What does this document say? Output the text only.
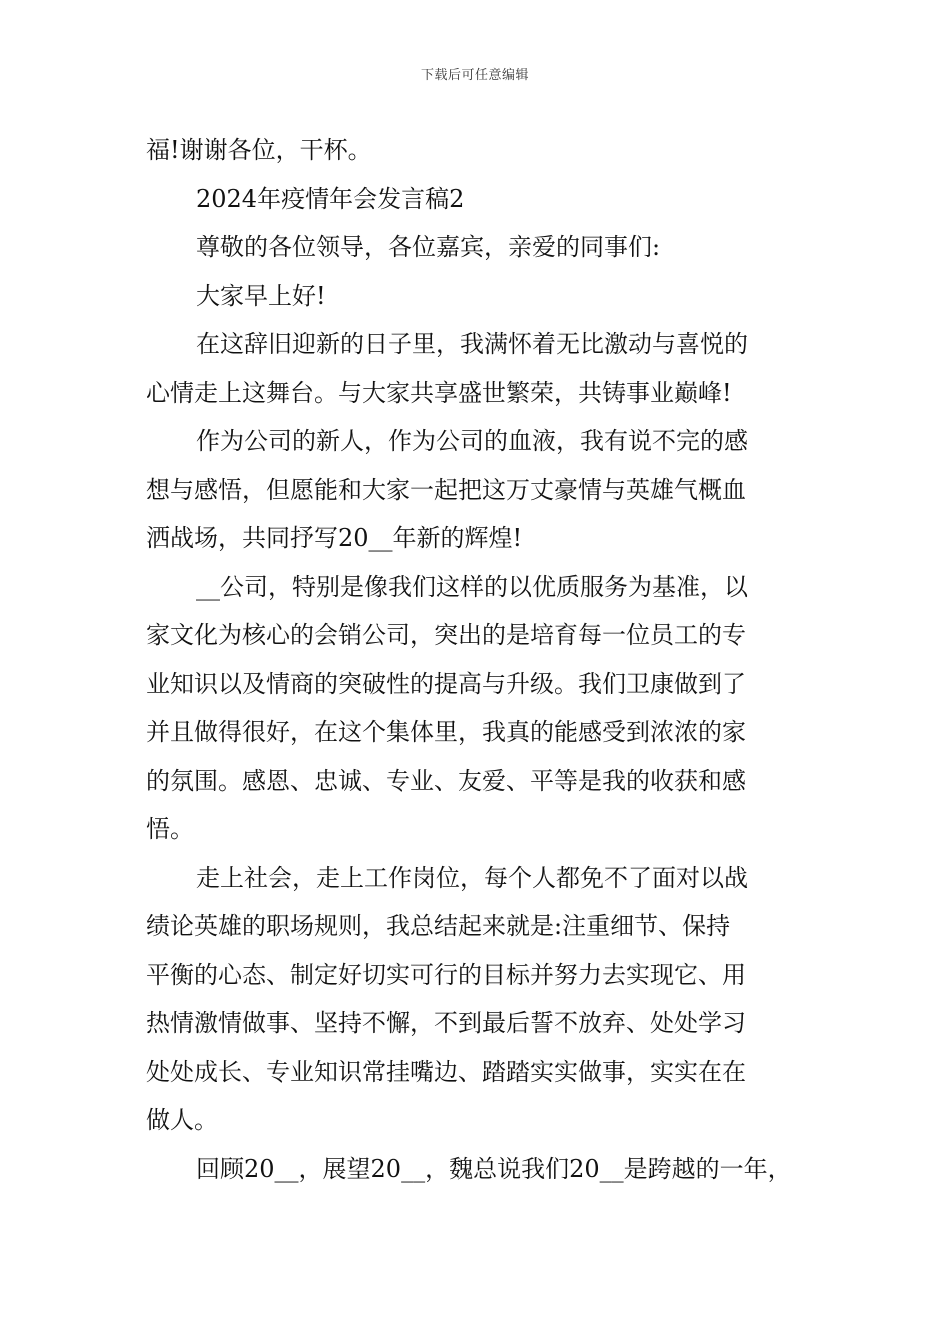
下载后可任意编辑
福!谢谢各位，干杯。
2024年疫情年会发言稿2
尊敬的各位领导，各位嘉宾，亲爱的同事们:
大家早上好!
在这辞旧迎新的日子里，我满怀着无比激动与喜悦的
心情走上这舞台。与大家共享盛世繁荣，共铸事业巅峰!
作为公司的新人，作为公司的血液，我有说不完的感
想与感悟，但愿能和大家一起把这万丈豪情与英雄气概血
洒战场，共同抒写20__年新的辉煌!
__公司，特别是像我们这样的以优质服务为基准，以
家文化为核心的会销公司，突出的是培育每一位员工的专
业知识以及情商的突破性的提高与升级。我们卫康做到了
并且做得很好，在这个集体里，我真的能感受到浓浓的家
的氛围。感恩、忠诚、专业、友爱、平等是我的收获和感
悟。
走上社会，走上工作岗位，每个人都免不了面对以战
绩论英雄的职场规则，我总结起来就是:注重细节、保持
平衡的心态、制定好切实可行的目标并努力去实现它、用
热情激情做事、坚持不懈，不到最后誓不放弃、处处学习
处处成长、专业知识常挂嘴边、踏踏实实做事，实实在在
做人。
回顾20__，展望20__，魏总说我们20__是跨越的一年，
